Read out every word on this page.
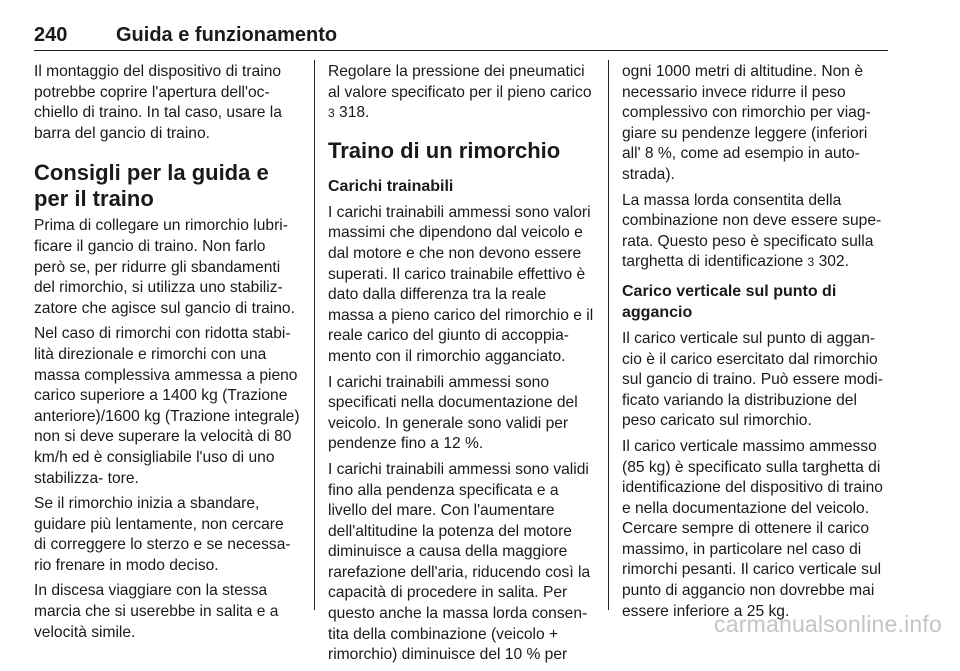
240 Guida e funzionamento

Il montaggio del dispositivo di traino potrebbe coprire l'apertura dell'oc- chiello di traino. In tal caso, usare la barra del gancio di traino.

Consigli per la guida e per il traino

Prima di collegare un rimorchio lubri- ficare il gancio di traino. Non farlo però se, per ridurre gli sbandamenti del rimorchio, si utilizza uno stabiliz- zatore che agisce sul gancio di traino.

Nel caso di rimorchi con ridotta stabi- lità direzionale e rimorchi con una massa complessiva ammessa a pieno carico superiore a 1400 kg (Trazione anteriore)/1600 kg (Trazione integrale) non si deve superare la velocità di 80 km/h ed è consigliabile l'uso di uno stabilizza- tore.

Se il rimorchio inizia a sbandare, guidare più lentamente, non cercare di correggere lo sterzo e se necessa- rio frenare in modo deciso.

In discesa viaggiare con la stessa marcia che si userebbe in salita e a velocità simile.

Regolare la pressione dei pneumatici al valore specificato per il pieno carico 3 318.

Traino di un rimorchio
Carichi trainabili

I carichi trainabili ammessi sono valori massimi che dipendono dal veicolo e dal motore e che non devono essere superati. Il carico trainabile effettivo è dato dalla differenza tra la reale massa a pieno carico del rimorchio e il reale carico del giunto di accoppia- mento con il rimorchio agganciato.

I carichi trainabili ammessi sono specificati nella documentazione del veicolo. In generale sono validi per pendenze fino a 12 %.

I carichi trainabili ammessi sono validi fino alla pendenza specificata e a livello del mare. Con l'aumentare dell'altitudine la potenza del motore diminuisce a causa della maggiore rarefazione dell'aria, riducendo così la capacità di procedere in salita. Per questo anche la massa lorda consen- tita della combinazione (veicolo + rimorchio) diminuisce del 10 % per

ogni 1000 metri di altitudine. Non è necessario invece ridurre il peso complessivo con rimorchio per viag- giare su pendenze leggere (inferiori all' 8 %, come ad esempio in auto- strada).

La massa lorda consentita della combinazione non deve essere supe- rata. Questo peso è specificato sulla targhetta di identificazione 3 302.

Carico verticale sul punto di aggancio

Il carico verticale sul punto di aggan- cio è il carico esercitato dal rimorchio sul gancio di traino. Può essere modi- ficato variando la distribuzione del peso caricato sul rimorchio.

Il carico verticale massimo ammesso (85 kg) è specificato sulla targhetta di identificazione del dispositivo di traino e nella documentazione del veicolo. Cercare sempre di ottenere il carico massimo, in particolare nel caso di rimorchi pesanti. Il carico verticale sul punto di aggancio non dovrebbe mai essere inferiore a 25 kg.

carmanualsonline.info
